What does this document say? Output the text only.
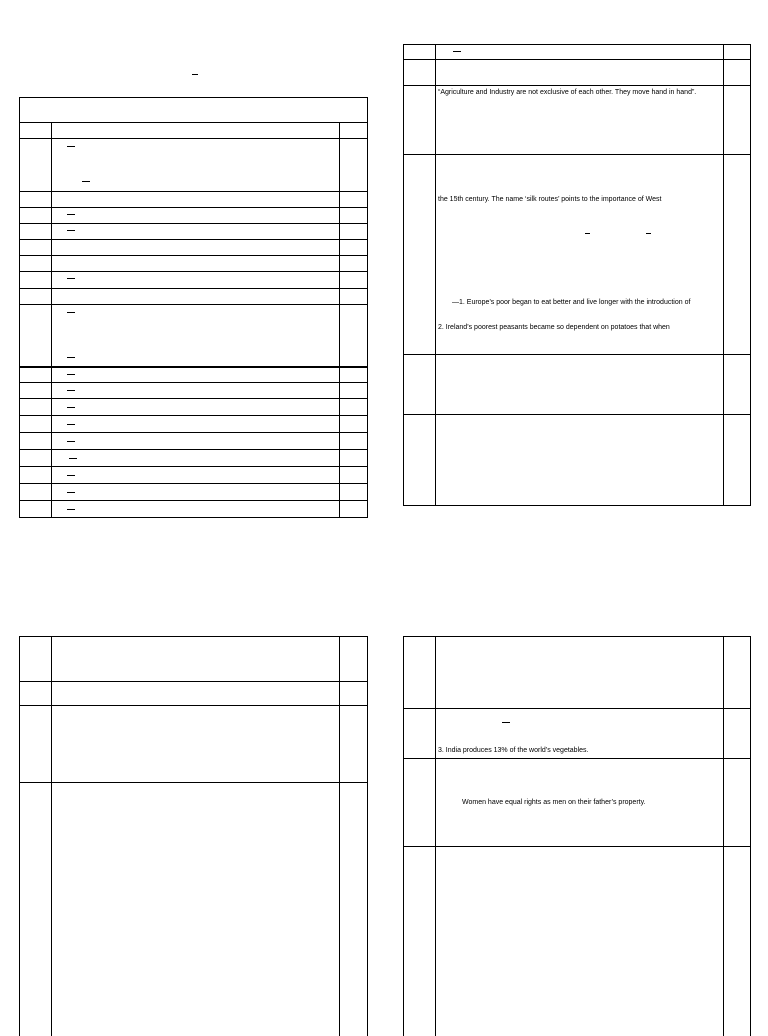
“Agriculture and Industry are not exclusive of each other. They move hand in hand”.
the 15th century. The name ‘silk routes’ points to the importance of West
—1. Europe’s poor began to eat better and live longer with the introduction of
2. Ireland’s poorest peasants became so dependent on potatoes that when
3. India produces 13% of the world’s vegetables.
Women have equal rights as men on their father’s property.
